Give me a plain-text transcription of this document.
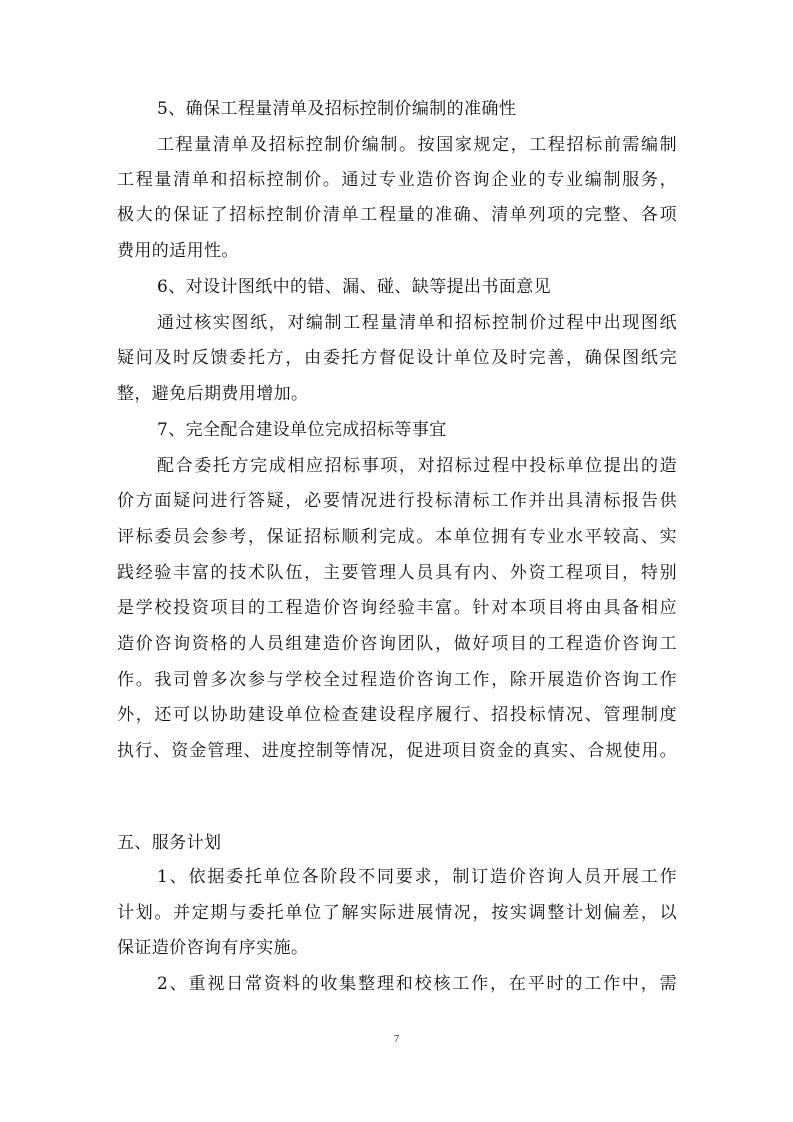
5、确保工程量清单及招标控制价编制的准确性
工程量清单及招标控制价编制。按国家规定，工程招标前需编制
工程量清单和招标控制价。通过专业造价咨询企业的专业编制服务，
极大的保证了招标控制价清单工程量的准确、清单列项的完整、各项
费用的适用性。
6、对设计图纸中的错、漏、碰、缺等提出书面意见
通过核实图纸，对编制工程量清单和招标控制价过程中出现图纸
疑问及时反馈委托方，由委托方督促设计单位及时完善，确保图纸完
整，避免后期费用增加。
7、完全配合建设单位完成招标等事宜
配合委托方完成相应招标事项，对招标过程中投标单位提出的造
价方面疑问进行答疑，必要情况进行投标清标工作并出具清标报告供
评标委员会参考，保证招标顺利完成。本单位拥有专业水平较高、实
践经验丰富的技术队伍，主要管理人员具有内、外资工程项目，特别
是学校投资项目的工程造价咨询经验丰富。针对本项目将由具备相应
造价咨询资格的人员组建造价咨询团队，做好项目的工程造价咨询工
作。我司曾多次参与学校全过程造价咨询工作，除开展造价咨询工作
外，还可以协助建设单位检查建设程序履行、招投标情况、管理制度
执行、资金管理、进度控制等情况，促进项目资金的真实、合规使用。
五、服务计划
1、依据委托单位各阶段不同要求，制订造价咨询人员开展工作
计划。并定期与委托单位了解实际进展情况，按实调整计划偏差，以
保证造价咨询有序实施。
2、重视日常资料的收集整理和校核工作，在平时的工作中，需
7
